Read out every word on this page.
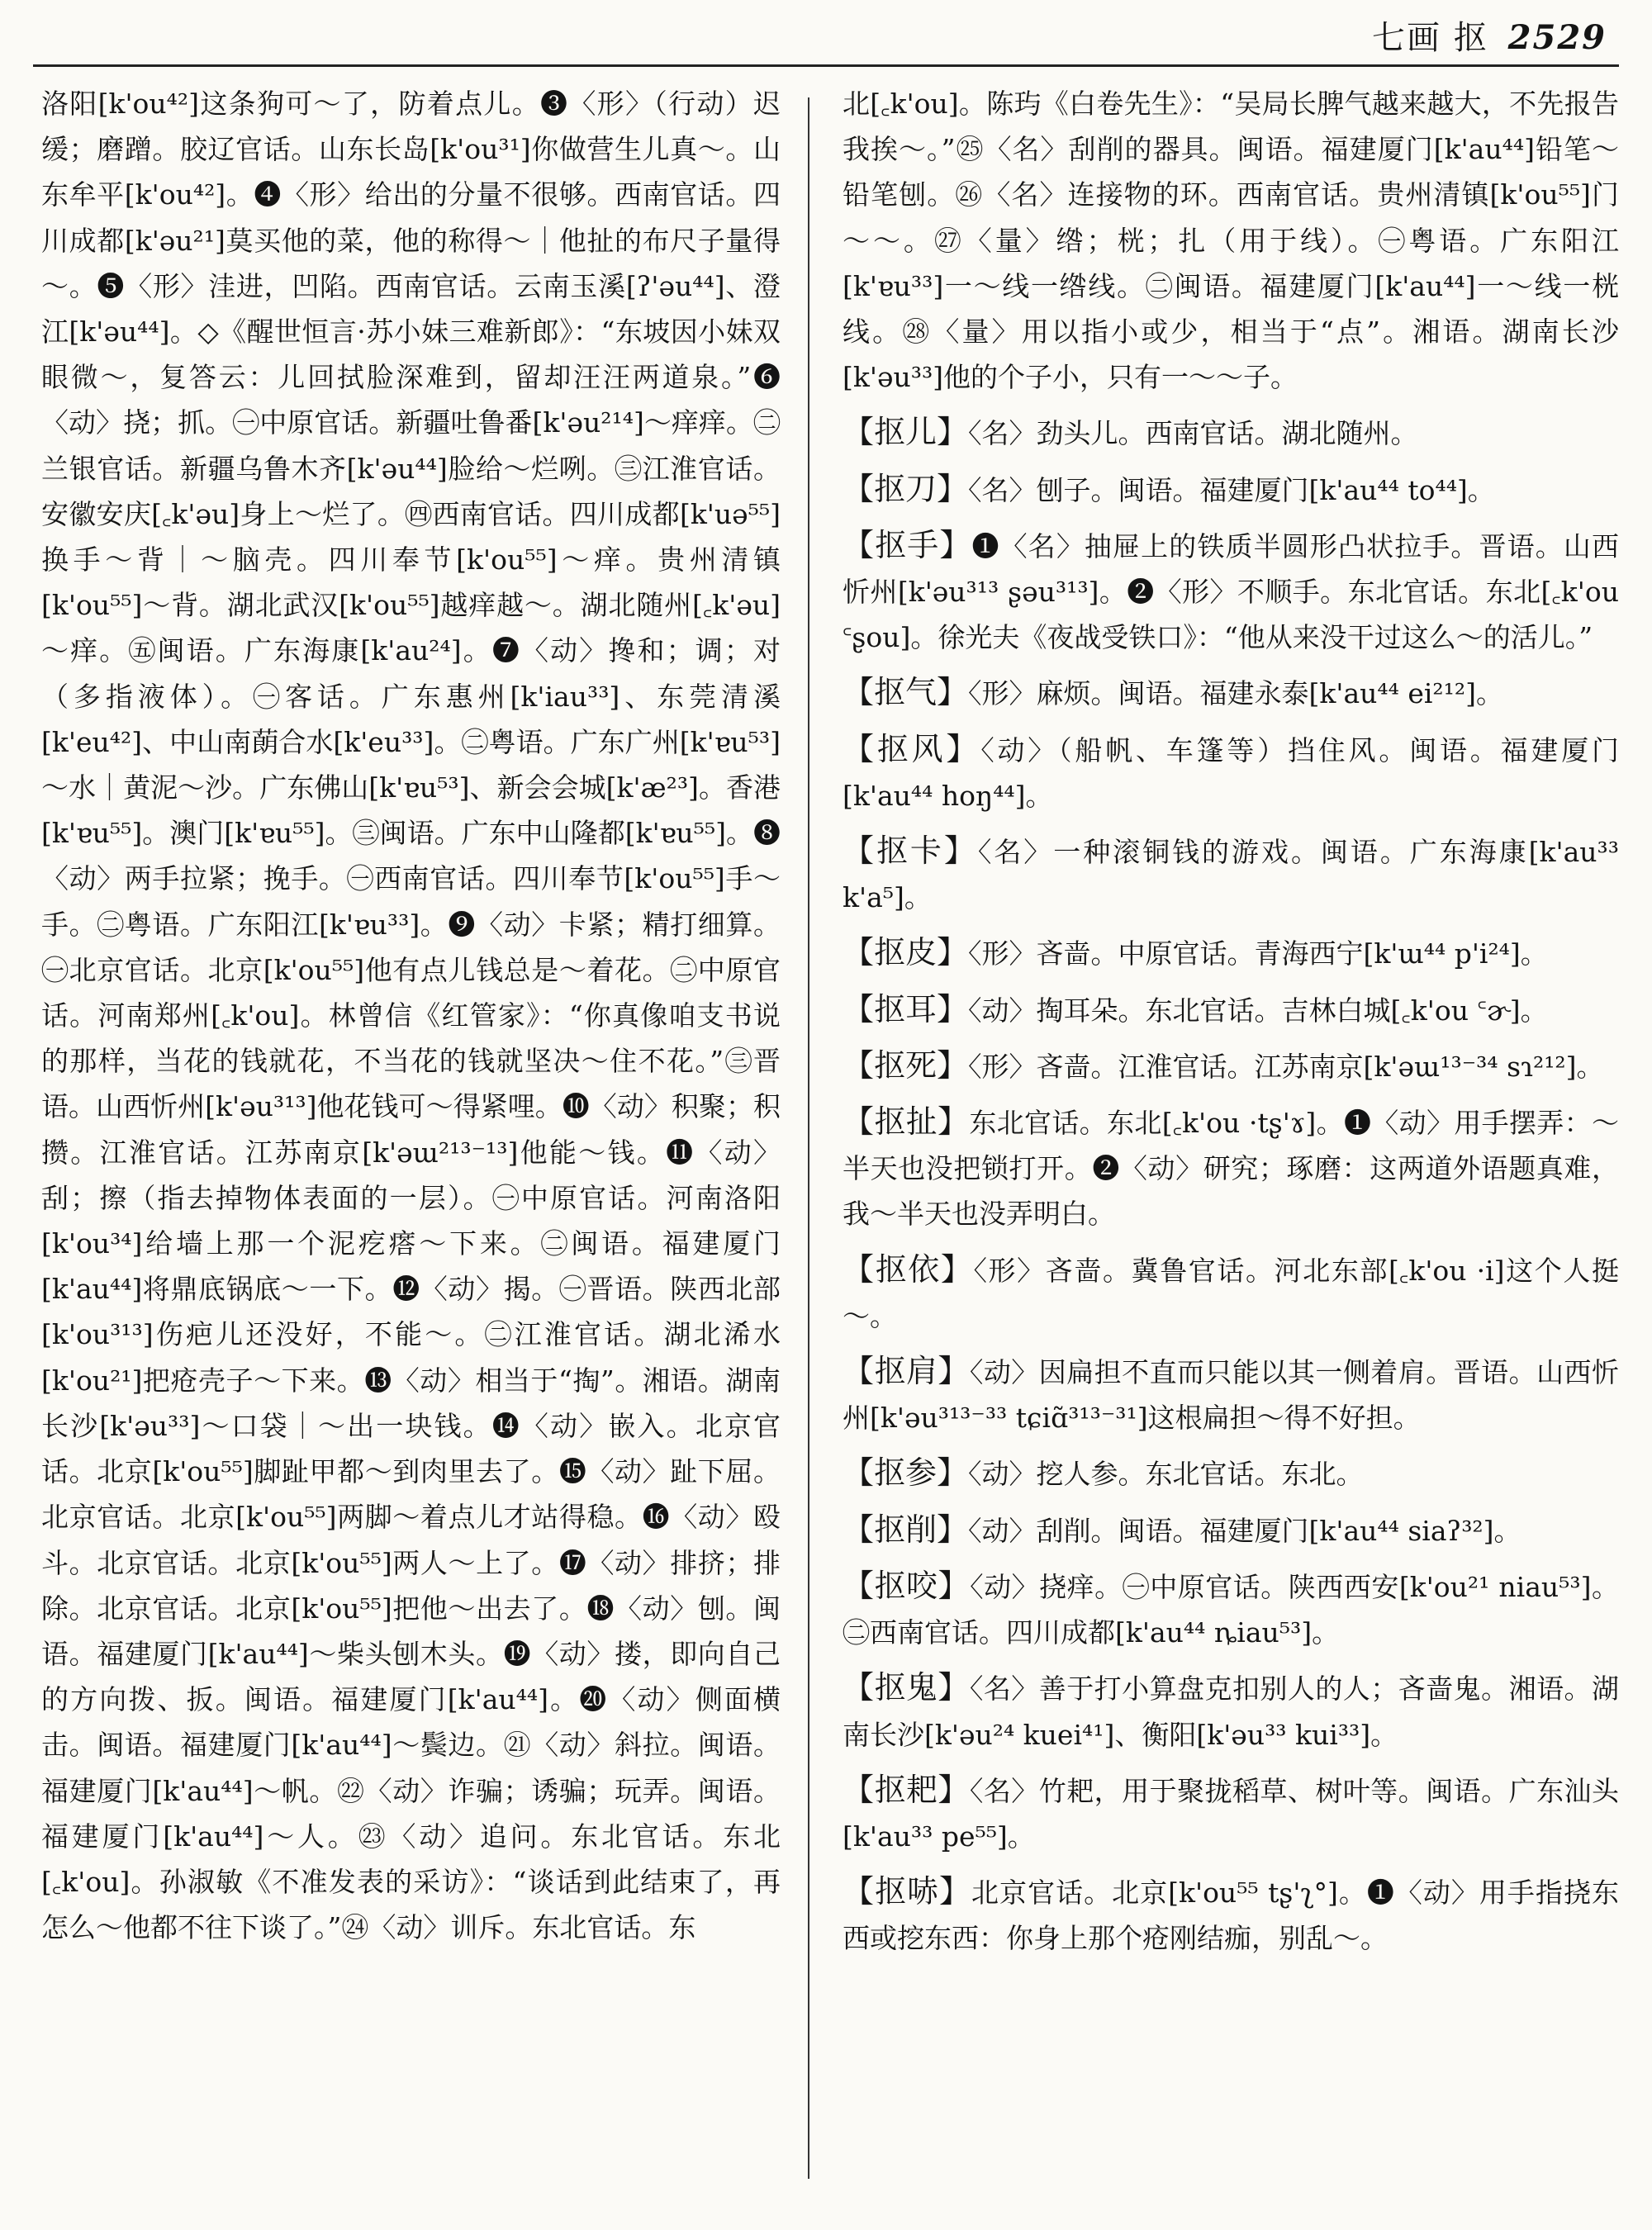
七画 抠 2529

洛阳[k'ou⁴²]这条狗可～了，防着点儿。❸〈形〉（行动）迟缓；磨蹭。胶辽官话。山东长岛[k'ou³¹]你做营生儿真～。山东牟平[k'ou⁴²]。❹〈形〉给出的分量不很够。西南官话。四川成都[k'əu²¹]莫买他的菜，他的称得～｜他扯的布尺子量得～。❺〈形〉洼进，凹陷。西南官话。云南玉溪[ʔ'əu⁴⁴]、澄江[k'əu⁴⁴]。◇《醒世恒言·苏小妹三难新郎》：“东坡因小妹双眼微～，复答云：儿回拭脸深难到，留却汪汪两道泉。”❻〈动〉挠；抓。㊀中原官话。新疆吐鲁番[k'əu²¹⁴]～痒痒。㊁兰银官话。新疆乌鲁木齐[k'əu⁴⁴]脸给～烂咧。㊂江淮官话。安徽安庆[꜀k'əu]身上～烂了。㊃西南官话。四川成都[k'uə⁵⁵]换手～背｜～脑壳。四川奉节[k'ou⁵⁵]～痒。贵州清镇[k'ou⁵⁵]～背。湖北武汉[k'ou⁵⁵]越痒越～。湖北随州[꜀k'əu]～痒。㊄闽语。广东海康[k'au²⁴]。❼〈动〉搀和；调；对（多指液体）。㊀客话。广东惠州[k'iau³³]、东莞清溪[k'eu⁴²]、中山南蓢合水[k'eu³³]。㊁粤语。广东广州[k'ɐu⁵³]～水｜黄泥～沙。广东佛山[k'ɐu⁵³]、新会会城[k'æ²³]。香港[k'ɐu⁵⁵]。澳门[k'ɐu⁵⁵]。㊂闽语。广东中山隆都[k'ɐu⁵⁵]。❽〈动〉两手拉紧；挽手。㊀西南官话。四川奉节[k'ou⁵⁵]手～手。㊁粤语。广东阳江[k'ɐu³³]。❾〈动〉卡紧；精打细算。㊀北京官话。北京[k'ou⁵⁵]他有点儿钱总是～着花。㊁中原官话。河南郑州[꜀k'ou]。林曾信《红管家》：“你真像咱支书说的那样，当花的钱就花，不当花的钱就坚决～住不花。”㊂晋语。山西忻州[k'əu³¹³]他花钱可～得紧哩。❿〈动〉积聚；积攒。江淮官话。江苏南京[k'əɯ²¹³⁻¹³]他能～钱。⓫〈动〉刮；擦（指去掉物体表面的一层）。㊀中原官话。河南洛阳[k'ou³⁴]给墙上那一个泥疙瘩～下来。㊁闽语。福建厦门[k'au⁴⁴]将鼎底锅底～一下。⓬〈动〉揭。㊀晋语。陕西北部[k'ou³¹³]伤疤儿还没好，不能～。㊁江淮官话。湖北浠水[k'ou²¹]把疮壳子～下来。⓭〈动〉相当于“掏”。湘语。湖南长沙[k'əu³³]～口袋｜～出一块钱。⓮〈动〉嵌入。北京官话。北京[k'ou⁵⁵]脚趾甲都～到肉里去了。⓯〈动〉趾下屈。北京官话。北京[k'ou⁵⁵]两脚～着点儿才站得稳。⓰〈动〉殴斗。北京官话。北京[k'ou⁵⁵]两人～上了。⓱〈动〉排挤；排除。北京官话。北京[k'ou⁵⁵]把他～出去了。⓲〈动〉刨。闽语。福建厦门[k'au⁴⁴]～柴头刨木头。⓳〈动〉搂，即向自己的方向拨、扳。闽语。福建厦门[k'au⁴⁴]。⓴〈动〉侧面横击。闽语。福建厦门[k'au⁴⁴]～鬓边。㉑〈动〉斜拉。闽语。福建厦门[k'au⁴⁴]～帆。㉒〈动〉诈骗；诱骗；玩弄。闽语。福建厦门[k'au⁴⁴]～人。㉓〈动〉追问。东北官话。东北[꜀k'ou]。孙淑敏《不准发表的采访》：“谈话到此结束了，再怎么～他都不往下谈了。”㉔〈动〉训斥。东北官话。东

北[꜀k'ou]。陈玙《白卷先生》：“吴局长脾气越来越大，不先报告我挨～。”㉕〈名〉刮削的器具。闽语。福建厦门[k'au⁴⁴]铅笔～铅笔刨。㉖〈名〉连接物的环。西南官话。贵州清镇[k'ou⁵⁵]门～～。㉗〈量〉绺；桄；扎（用于线）。㊀粤语。广东阳江[k'ɐu³³]一～线一绺线。㊁闽语。福建厦门[k'au⁴⁴]一～线一桄线。㉘〈量〉用以指小或少，相当于“点”。湘语。湖南长沙[k'əu³³]他的个子小，只有一～～子。

【抠儿】〈名〉劲头儿。西南官话。湖北随州。

【抠刀】〈名〉刨子。闽语。福建厦门[k'au⁴⁴ to⁴⁴]。

【抠手】❶〈名〉抽屉上的铁质半圆形凸状拉手。晋语。山西忻州[k'əu³¹³ ʂəu³¹³]。❷〈形〉不顺手。东北官话。东北[꜀k'ou ꜂ʂou]。徐光夫《夜战受铁口》：“他从来没干过这么～的活儿。”

【抠气】〈形〉麻烦。闽语。福建永泰[k'au⁴⁴ ei²¹²]。

【抠风】〈动〉（船帆、车篷等）挡住风。闽语。福建厦门[k'au⁴⁴ hoŋ⁴⁴]。

【抠卡】〈名〉一种滚铜钱的游戏。闽语。广东海康[k'au³³ k'a⁵]。

【抠皮】〈形〉吝啬。中原官话。青海西宁[k'ɯ⁴⁴ p'i²⁴]。

【抠耳】〈动〉掏耳朵。东北官话。吉林白城[꜀k'ou ꜂ɚ]。

【抠死】〈形〉吝啬。江淮官话。江苏南京[k'əɯ¹³⁻³⁴ sɿ²¹²]。

【抠扯】东北官话。东北[꜀k'ou ·tʂ'ɤ]。❶〈动〉用手摆弄：～半天也没把锁打开。❷〈动〉研究；琢磨：这两道外语题真难，我～半天也没弄明白。

【抠依】〈形〉吝啬。冀鲁官话。河北东部[꜀k'ou ·i]这个人挺～。

【抠肩】〈动〉因扁担不直而只能以其一侧着肩。晋语。山西忻州[k'əu³¹³⁻³³ tɕiɑ̃³¹³⁻³¹]这根扁担～得不好担。

【抠参】〈动〉挖人参。东北官话。东北。

【抠削】〈动〉刮削。闽语。福建厦门[k'au⁴⁴ siaʔ³²]。

【抠咬】〈动〉挠痒。㊀中原官话。陕西西安[k'ou²¹ niau⁵³]。㊁西南官话。四川成都[k'au⁴⁴ ȵiau⁵³]。

【抠鬼】〈名〉善于打小算盘克扣别人的人；吝啬鬼。湘语。湖南长沙[k'əu²⁴ kuei⁴¹]、衡阳[k'əu³³ kui³³]。

【抠耙】〈名〉竹耙，用于聚拢稻草、树叶等。闽语。广东汕头[k'au³³ pe⁵⁵]。

【抠哧】北京官话。北京[k'ou⁵⁵ tʂ'ʅ°]。❶〈动〉用手指挠东西或挖东西：你身上那个疮刚结痂，别乱～。
